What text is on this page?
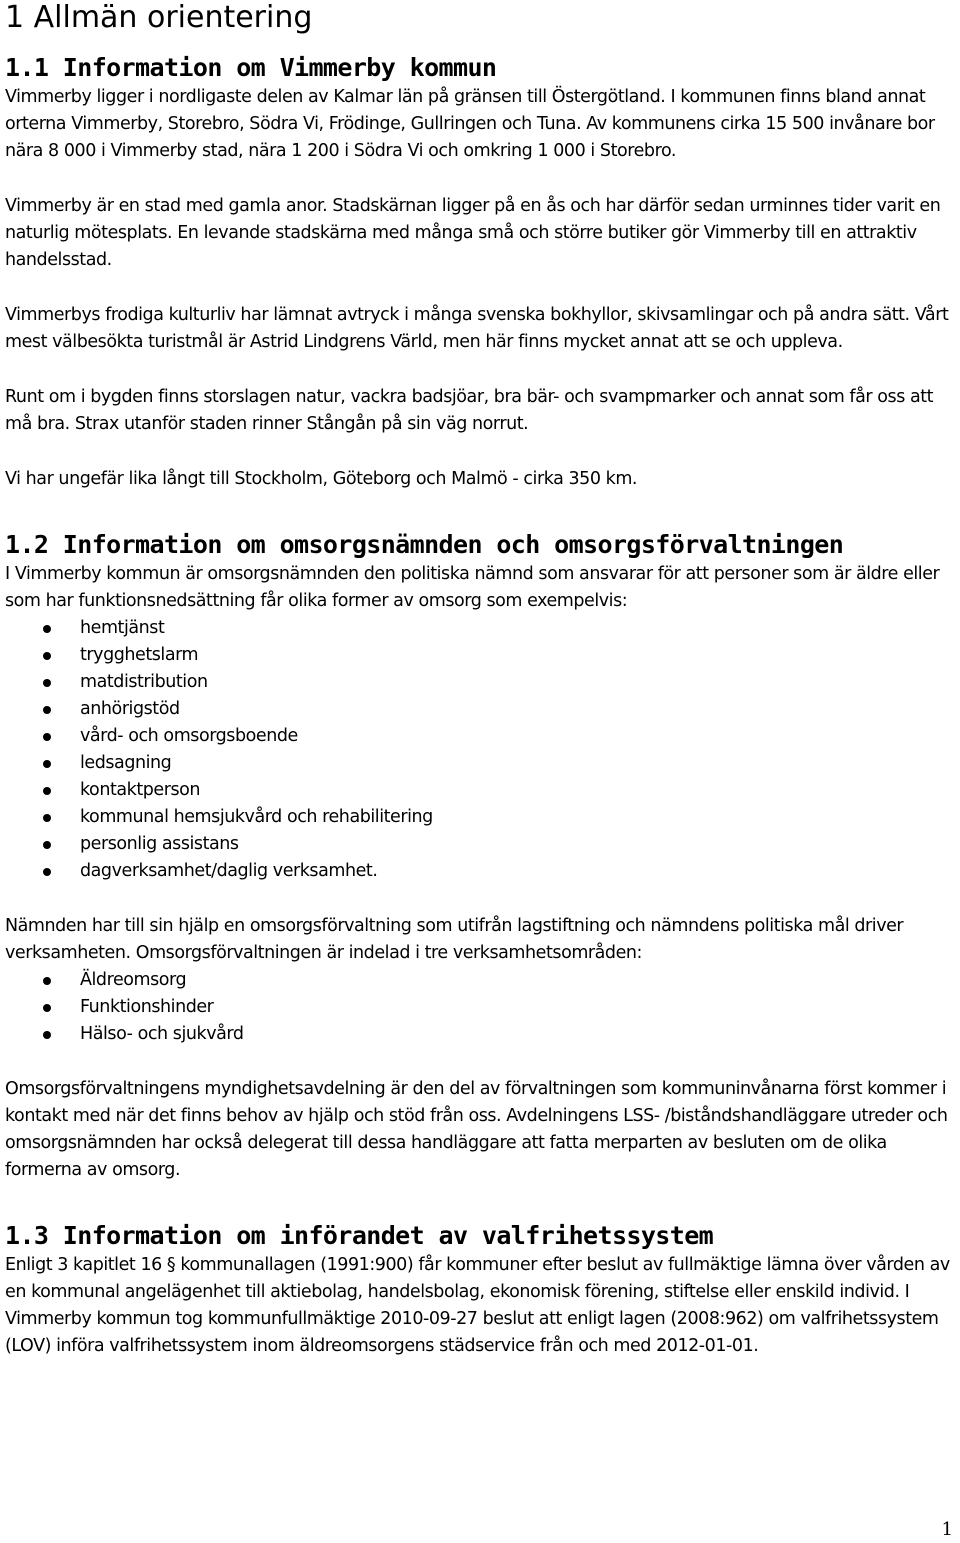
1 Allmän orientering
1.1 Information om Vimmerby kommun

Vimmerby ligger i nordligaste delen av Kalmar län på gränsen till Östergötland. I kommunen finns bland annat orterna Vimmerby, Storebro, Södra Vi, Frödinge, Gullringen och Tuna. Av kommunens cirka 15 500 invånare bor nära 8 000 i Vimmerby stad, nära 1 200 i Södra Vi och omkring 1 000 i Storebro.

Vimmerby är en stad med gamla anor. Stadskärnan ligger på en ås och har därför sedan urminnes tider varit en naturlig mötesplats. En levande stadskärna med många små och större butiker gör Vimmerby till en attraktiv handelsstad.

Vimmerbys frodiga kulturliv har lämnat avtryck i många svenska bokhyllor, skivsamlingar och på andra sätt. Vårt mest välbesökta turistmål är Astrid Lindgrens Värld, men här finns mycket annat att se och uppleva.

Runt om i bygden finns storslagen natur, vackra badsjöar, bra bär- och svampmarker och annat som får oss att må bra. Strax utanför staden rinner Stångån på sin väg norrut.

Vi har ungefär lika långt till Stockholm, Göteborg och Malmö - cirka 350 km.

1.2 Information om omsorgsnämnden och omsorgsförvaltningen

I Vimmerby kommun är omsorgsnämnden den politiska nämnd som ansvarar för att personer som är äldre eller som har funktionsnedsättning får olika former av omsorg som exempelvis:

hemtjänst
trygghetslarm
matdistribution
anhörigstöd
vård- och omsorgsboende
ledsagning
kontaktperson
kommunal hemsjukvård och rehabilitering
personlig assistans
dagverksamhet/daglig verksamhet.

Nämnden har till sin hjälp en omsorgsförvaltning som utifrån lagstiftning och nämndens politiska mål driver verksamheten. Omsorgsförvaltningen är indelad i tre verksamhetsområden:

Äldreomsorg
Funktionshinder
Hälso- och sjukvård

Omsorgsförvaltningens myndighetsavdelning är den del av förvaltningen som kommuninvånarna först kommer i kontakt med när det finns behov av hjälp och stöd från oss. Avdelningens LSS- /biståndshandläggare utreder och omsorgsnämnden har också delegerat till dessa handläggare att fatta merparten av besluten om de olika formerna av omsorg.

1.3 Information om införandet av valfrihetssystem

Enligt 3 kapitlet 16 § kommunallagen (1991:900) får kommuner efter beslut av fullmäktige lämna över vården av en kommunal angelägenhet till aktiebolag, handelsbolag, ekonomisk förening, stiftelse eller enskild individ. I Vimmerby kommun tog kommunfullmäktige 2010-09-27 beslut att enligt lagen (2008:962) om valfrihetssystem (LOV) införa valfrihetssystem inom äldreomsorgens städservice från och med 2012-01-01.

1
